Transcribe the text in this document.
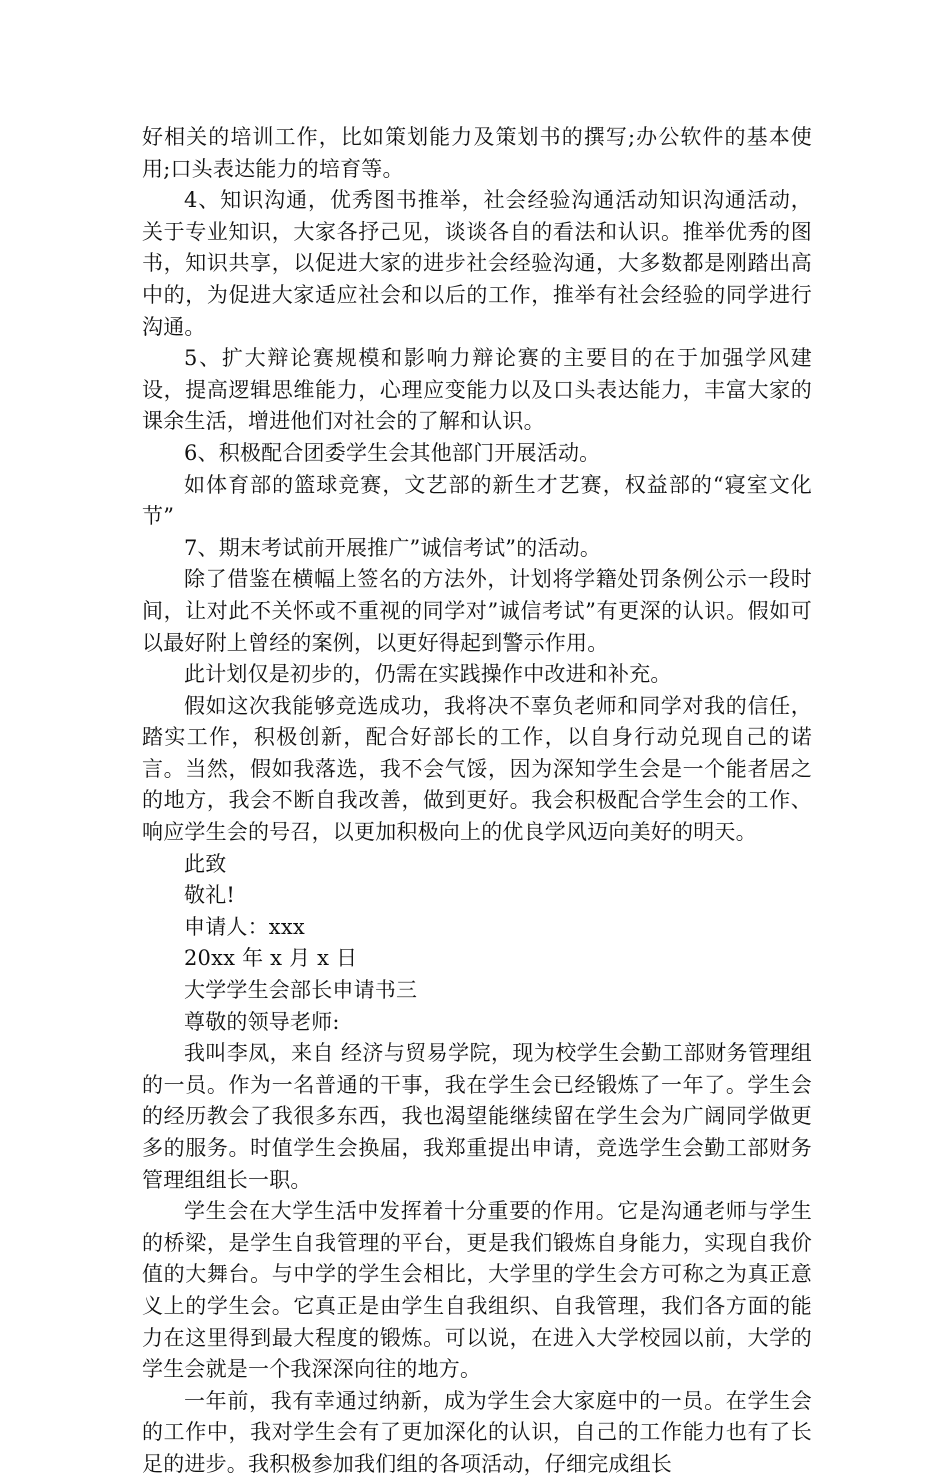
好相关的培训工作，比如策划能力及策划书的撰写;办公软件的基本使用;口头表达能力的培育等。

4、知识沟通，优秀图书推举，社会经验沟通活动知识沟通活动，关于专业知识，大家各抒己见，谈谈各自的看法和认识。推举优秀的图书，知识共享，以促进大家的进步社会经验沟通，大多数都是刚踏出高中的，为促进大家适应社会和以后的工作，推举有社会经验的同学进行沟通。

5、扩大辩论赛规模和影响力辩论赛的主要目的在于加强学风建设，提高逻辑思维能力，心理应变能力以及口头表达能力，丰富大家的课余生活，增进他们对社会的了解和认识。

6、积极配合团委学生会其他部门开展活动。

如体育部的篮球竞赛，文艺部的新生才艺赛，权益部的“寝室文化节”

7、期末考试前开展推广”诚信考试”的活动。

除了借鉴在横幅上签名的方法外，计划将学籍处罚条例公示一段时间，让对此不关怀或不重视的同学对”诚信考试”有更深的认识。假如可以最好附上曾经的案例，以更好得起到警示作用。

此计划仅是初步的，仍需在实践操作中改进和补充。

假如这次我能够竞选成功，我将决不辜负老师和同学对我的信任，踏实工作，积极创新，配合好部长的工作，以自身行动兑现自己的诺言。当然，假如我落选，我不会气馁，因为深知学生会是一个能者居之的地方，我会不断自我改善，做到更好。我会积极配合学生会的工作、响应学生会的号召，以更加积极向上的优良学风迈向美好的明天。

此致

敬礼!

申请人：xxx

20xx 年 x 月 x 日

大学学生会部长申请书三

尊敬的领导老师:

我叫李凤，来自 经济与贸易学院，现为校学生会勤工部财务管理组的一员。作为一名普通的干事，我在学生会已经锻炼了一年了。学生会的经历教会了我很多东西，我也渴望能继续留在学生会为广阔同学做更多的服务。时值学生会换届，我郑重提出申请，竞选学生会勤工部财务管理组组长一职。

学生会在大学生活中发挥着十分重要的作用。它是沟通老师与学生的桥梁，是学生自我管理的平台，更是我们锻炼自身能力，实现自我价值的大舞台。与中学的学生会相比，大学里的学生会方可称之为真正意义上的学生会。它真正是由学生自我组织、自我管理，我们各方面的能力在这里得到最大程度的锻炼。可以说，在进入大学校园以前，大学的学生会就是一个我深深向往的地方。

一年前，我有幸通过纳新，成为学生会大家庭中的一员。在学生会的工作中，我对学生会有了更加深化的认识，自己的工作能力也有了长足的进步。我积极参加我们组的各项活动，仔细完成组长
